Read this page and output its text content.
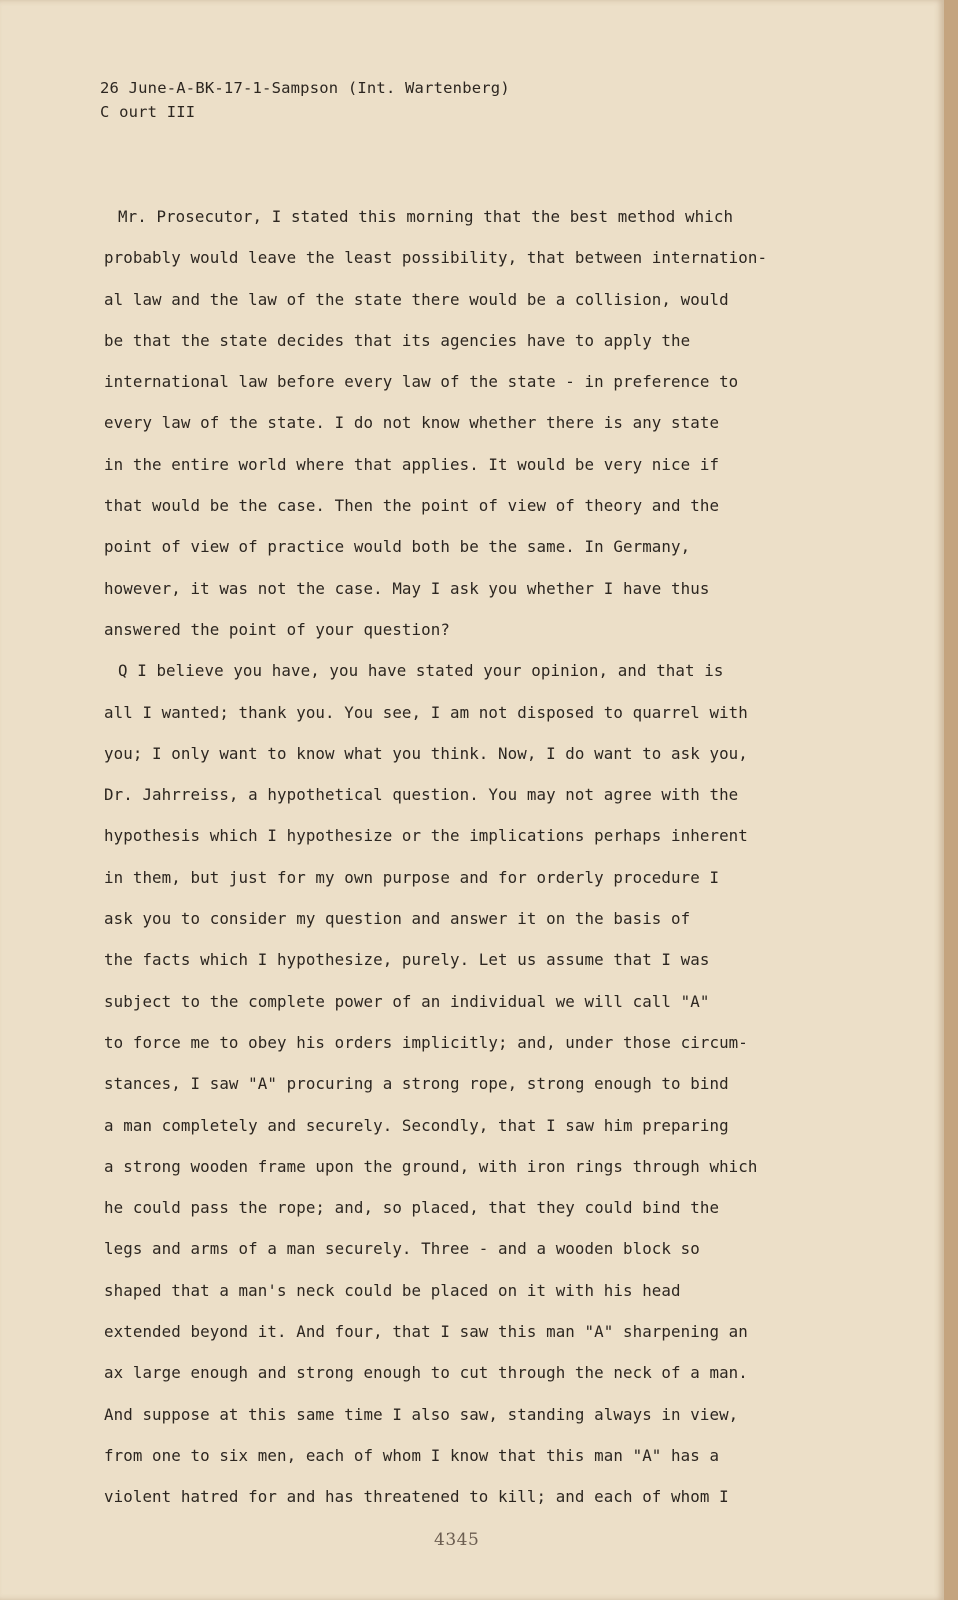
26 June-A-BK-17-1-Sampson (Int. Wartenberg)
C ourt III
Mr. Prosecutor, I stated this morning that the best method which
probably would leave the least possibility, that between internation-
al law and the law of the state there would be a collision, would
be that the state decides that its agencies have to apply the
international law before every law of the state - in preference to
every law of the state. I do not know whether there is any state
in the entire world where that applies. It would be very nice if
that would be the case. Then the point of view of theory and the
point of view of practice would both be the same. In Germany,
however, it was not the case. May I ask you whether I have thus
answered the point of your question?
Q I believe you have, you have stated your opinion, and that is
all I wanted; thank you. You see, I am not disposed to quarrel with
you; I only want to know what you think. Now, I do want to ask you,
Dr. Jahrreiss, a hypothetical question. You may not agree with the
hypothesis which I hypothesize or the implications perhaps inherent
in them, but just for my own purpose and for orderly procedure I
ask you to consider my question and answer it on the basis of
the facts which I hypothesize, purely. Let us assume that I was
subject to the complete power of an individual we will call "A"
to force me to obey his orders implicitly; and, under those circum-
stances, I saw "A" procuring a strong rope, strong enough to bind
a man completely and securely. Secondly, that I saw him preparing
a strong wooden frame upon the ground, with iron rings through which
he could pass the rope; and, so placed, that they could bind the
legs and arms of a man securely. Three - and a wooden block so
shaped that a man's neck could be placed on it with his head
extended beyond it. And four, that I saw this man "A" sharpening an
ax large enough and strong enough to cut through the neck of a man.
And suppose at this same time I also saw, standing always in view,
from one to six men, each of whom I know that this man "A" has a
violent hatred for and has threatened to kill; and each of whom I
4345
